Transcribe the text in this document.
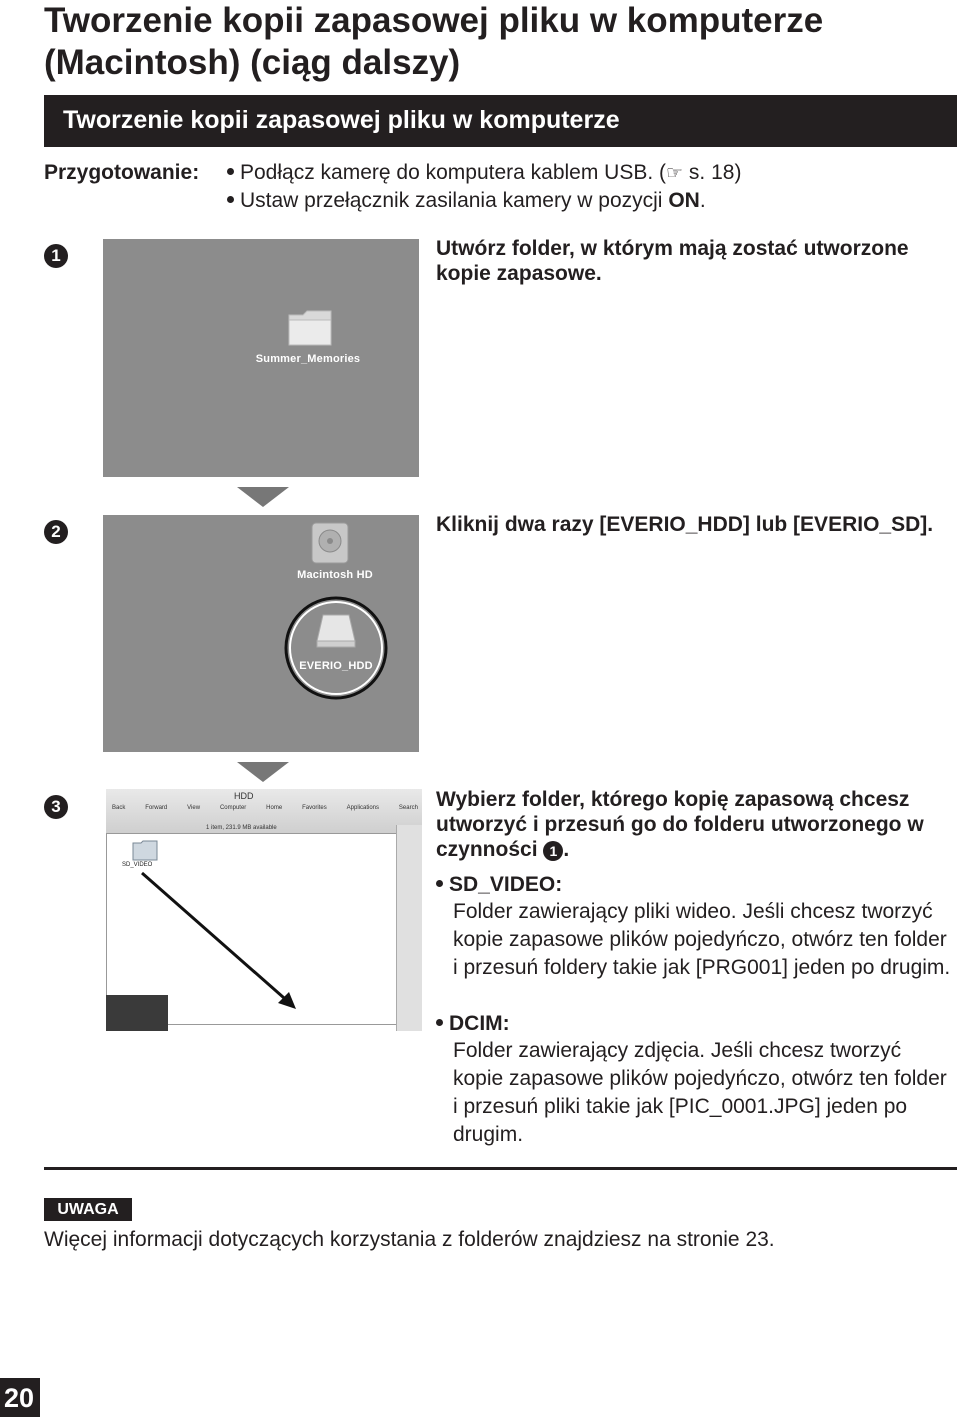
Tworzenie kopii zapasowej pliku w komputerze (Macintosh) (ciąg dalszy)
Tworzenie kopii zapasowej pliku w komputerze
Przygotowanie:	Podłącz kamerę do komputera kablem USB. (☞ s. 18)
Ustaw przełącznik zasilania kamery w pozycji ON.
1
Summer_Memories
Utwórz folder, w którym mają zostać utworzone kopie zapasowe.
2
Macintosh HD
EVERIO_HDD
Kliknij dwa razy [EVERIO_HDD] lub [EVERIO_SD].
3
HDD
Back	Forward	View	Computer	Home	Favorites	Applications	Search
1 item, 231.9 MB available
SD_VIDEO
Wybierz folder, którego kopię zapasową chcesz utworzyć i przesuń go do folderu utworzonego w czynności 1 .
SD_VIDEO:
Folder zawierający pliki wideo. Jeśli chcesz tworzyć kopie zapasowe plików pojedyńczo, otwórz ten folder i przesuń foldery takie jak [PRG001] jeden po drugim.
DCIM:
Folder zawierający zdjęcia. Jeśli chcesz tworzyć kopie zapasowe plików pojedyńczo, otwórz ten folder i przesuń pliki takie jak [PIC_0001.JPG] jeden po drugim.
UWAGA
Więcej informacji dotyczących korzystania z folderów znajdziesz na stronie 23.
20
